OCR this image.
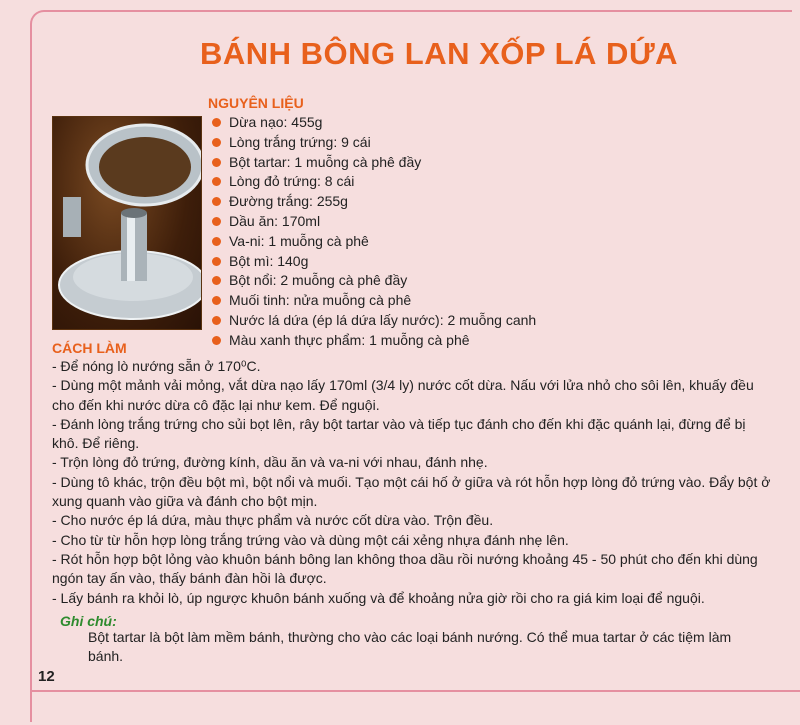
BÁNH BÔNG LAN XỐP LÁ DỨA
NGUYÊN LIỆU
Dừa nạo: 455g
Lòng trắng trứng: 9 cái
Bột tartar: 1 muỗng cà phê đầy
Lòng đỏ trứng: 8 cái
Đường trắng: 255g
Dầu ăn: 170ml
Va-ni: 1 muỗng cà phê
Bột mì: 140g
Bột nổi: 2 muỗng cà phê đầy
Muối tinh: nửa muỗng cà phê
Nước lá dứa (ép lá dứa lấy nước): 2 muỗng canh
Màu xanh thực phẩm: 1 muỗng cà phê
CÁCH LÀM
- Để nóng lò nướng sẵn ở 170⁰C.
- Dùng một mảnh vải mỏng, vắt dừa nạo lấy 170ml (3/4 ly) nước cốt dừa. Nấu với lửa nhỏ cho sôi lên, khuấy đều cho đến khi nước dừa cô đặc lại như kem. Để nguội.
- Đánh lòng trắng trứng cho sủi bọt lên, rây bột tartar vào và tiếp tục đánh cho đến khi đặc quánh lại, đừng để bị khô. Để riêng.
- Trộn lòng đỏ trứng, đường kính, dầu ăn và va-ni với nhau, đánh nhẹ.
- Dùng tô khác, trộn đều bột mì, bột nổi và muối. Tạo một cái hố ở giữa và rót hỗn hợp lòng đỏ trứng vào. Đẩy bột ở xung quanh vào giữa và đánh cho bột mịn.
- Cho nước ép lá dứa, màu thực phẩm và nước cốt dừa vào. Trộn đều.
- Cho từ từ hỗn hợp lòng trắng trứng vào và dùng một cái xẻng nhựa đánh nhẹ lên.
- Rót hỗn hợp bột lỏng vào khuôn bánh bông lan không thoa dầu rồi nướng khoảng 45 - 50 phút cho đến khi dùng ngón tay ấn vào, thấy bánh đàn hồi là được.
- Lấy bánh ra khỏi lò, úp ngược khuôn bánh xuống và để khoảng nửa giờ rồi cho ra giá kim loại để nguội.
Ghi chú:
Bột tartar là bột làm mềm bánh, thường cho vào các loại bánh nướng. Có thể mua tartar ở các tiệm làm bánh.
12
